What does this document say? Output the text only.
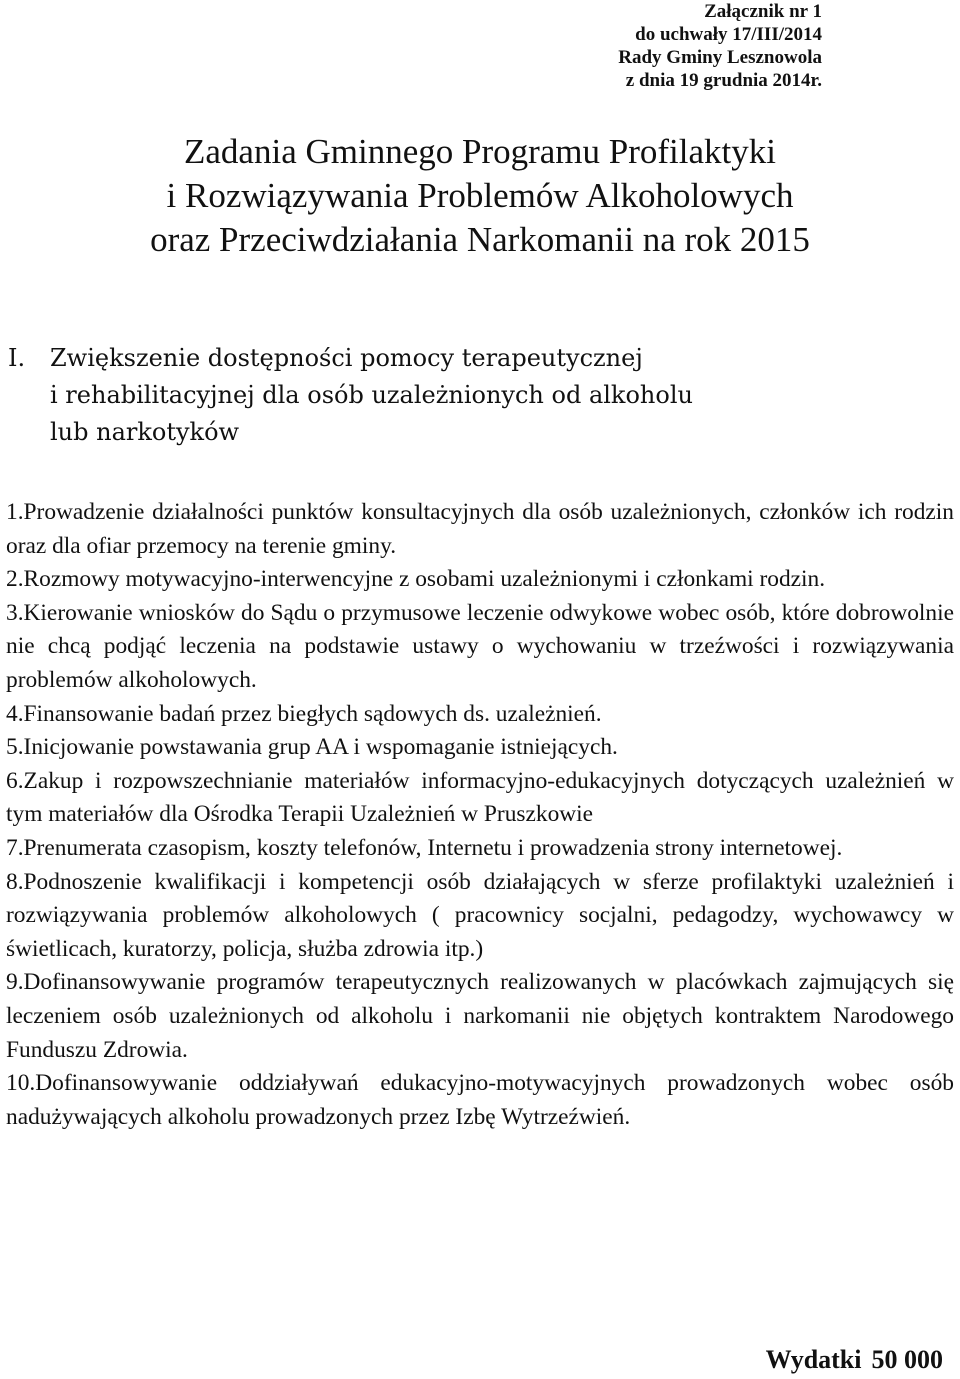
Załącznik nr 1
do uchwały 17/III/2014
Rady Gminy Lesznowola
z dnia 19 grudnia 2014r.
Zadania Gminnego Programu Profilaktyki
i Rozwiązywania Problemów Alkoholowych
oraz Przeciwdziałania Narkomanii na rok 2015
I. Zwiększenie dostępności pomocy terapeutycznej
i rehabilitacyjnej dla osób uzależnionych od alkoholu
lub narkotyków

1.Prowadzenie działalności punktów konsultacyjnych dla osób uzależnionych, członków ich rodzin oraz dla ofiar przemocy na terenie gminy.

2.Rozmowy motywacyjno-interwencyjne z osobami uzależnionymi i członkami rodzin.

3.Kierowanie wniosków do Sądu o przymusowe leczenie odwykowe wobec osób, które dobrowolnie nie chcą podjąć leczenia na podstawie ustawy o wychowaniu w trzeźwości i rozwiązywania problemów alkoholowych.

4.Finansowanie badań przez biegłych sądowych ds. uzależnień.

5.Inicjowanie powstawania grup AA i wspomaganie istniejących.

6.Zakup i rozpowszechnianie materiałów informacyjno-edukacyjnych dotyczących uzależnień w tym materiałów dla Ośrodka Terapii Uzależnień w Pruszkowie

7.Prenumerata czasopism, koszty telefonów, Internetu i prowadzenia strony internetowej.

8.Podnoszenie kwalifikacji i kompetencji osób działających w sferze profilaktyki uzależnień i rozwiązywania problemów alkoholowych ( pracownicy socjalni, pedagodzy, wychowawcy w świetlicach, kuratorzy, policja, służba zdrowia itp.)

9.Dofinansowywanie programów terapeutycznych realizowanych w placówkach zajmujących się leczeniem osób uzależnionych od alkoholu i narkomanii nie objętych kontraktem Narodowego Funduszu Zdrowia.

10.Dofinansowywanie oddziaływań edukacyjno-motywacyjnych prowadzonych wobec osób nadużywających alkoholu prowadzonych przez Izbę Wytrzeźwień.

Wydatki 50 000
